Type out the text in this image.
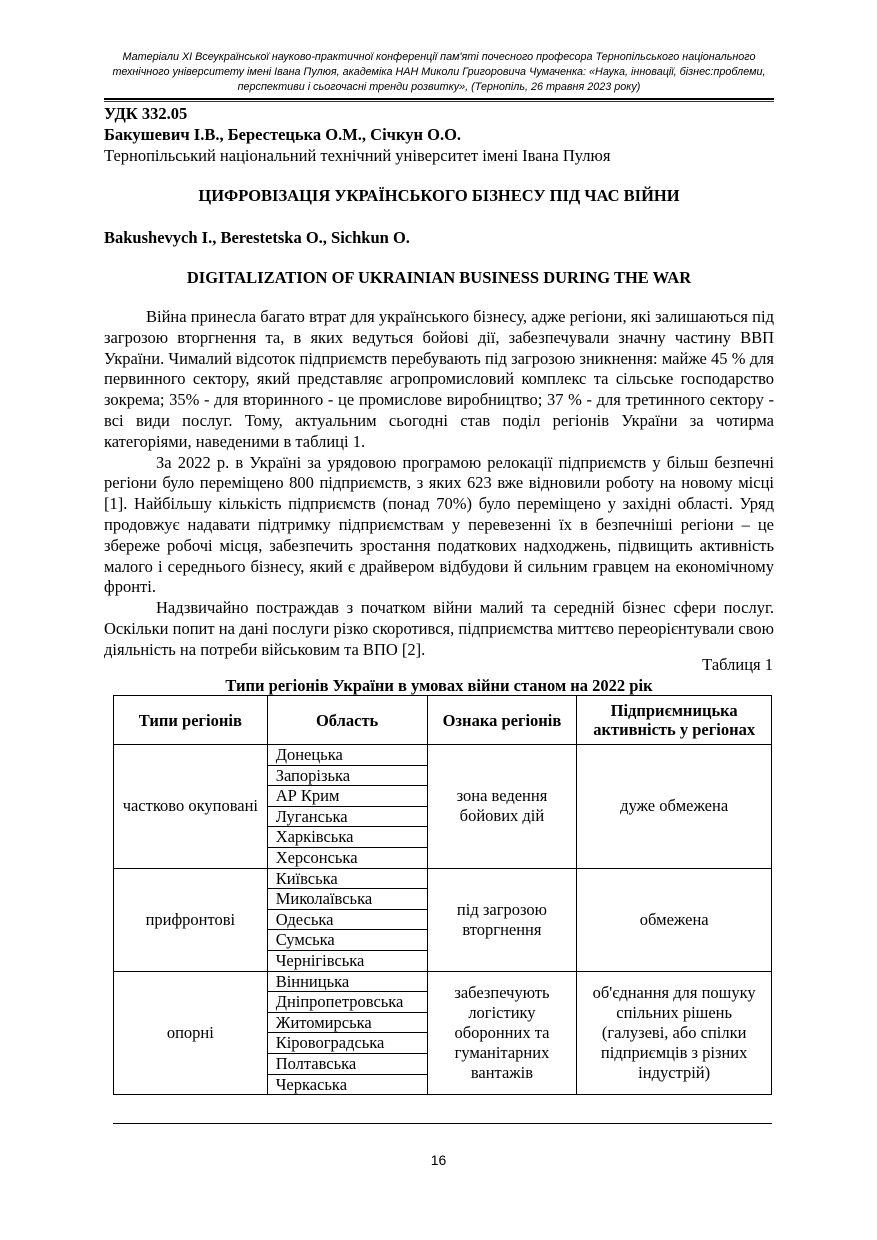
Матеріали ХІ Всеукраїнської науково-практичної конференції пам'яті почесного професора Тернопільського національного технічного університету імені Івана Пулюя, академіка НАН Миколи Григоровича Чумаченка: «Наука, інновації, бізнес:проблеми, перспективи і сьогочасні тренди розвитку», (Тернопіль, 26 травня 2023 року)
УДК 332.05
Бакушевич І.В., Берестецька О.М., Січкун О.О.
Тернопільський національний технічний університет імені Івана Пулюя
ЦИФРОВІЗАЦІЯ УКРАЇНСЬКОГО БІЗНЕСУ ПІД ЧАС ВІЙНИ
Bakushevych I., Berestetska O., Sichkun O.
DIGITALIZATION OF UKRAINIAN BUSINESS DURING THE WAR

Війна принесла багато втрат для українського бізнесу, адже регіони, які залишаються під загрозою вторгнення та, в яких ведуться бойові дії, забезпечували значну частину ВВП України. Чималий відсоток підприємств перебувають під загрозою зникнення: майже 45 % для первинного сектору, який представляє агропромисловий комплекс та сільське господарство зокрема; 35% - для вторинного - це промислове виробництво; 37 % - для третинного сектору - всі види послуг. Тому, актуальним сьогодні став поділ регіонів України за чотирма категоріями, наведеними в таблиці 1.

За 2022 р. в Україні за урядовою програмою релокації підприємств у більш безпечні регіони було переміщено 800 підприємств, з яких 623 вже відновили роботу на новому місці [1]. Найбільшу кількість підприємств (понад 70%) було переміщено у західні області. Уряд продовжує надавати підтримку підприємствам у перевезенні їх в безпечніші регіони – це збереже робочі місця, забезпечить зростання податкових надходжень, підвищить активність малого і середнього бізнесу, який є драйвером відбудови й сильним гравцем на економічному фронті.

Надзвичайно постраждав з початком війни малий та середній бізнес сфери послуг. Оскільки попит на дані послуги різко скоротився, підприємства миттєво переорієнтували свою діяльність на потреби військовим та ВПО [2].

Таблиця 1
Типи регіонів України в умовах війни станом на 2022 рік
Типи регіонів	Область	Ознака регіонів	Підприємницька активність у регіонах
частково окуповані	Донецька	зона ведення бойових дій	дуже обмежена
	Запорізька		
	АР Крим		
	Луганська		
	Харківська		
	Херсонська		
прифронтові	Київська	під загрозою вторгнення	обмежена
	Миколаївська		
	Одеська		
	Сумська		
	Чернігівська		
опорні	Вінницька	забезпечують логістику оборонних та гуманітарних вантажів	об'єднання для пошуку спільних рішень (галузеві, або спілки підприємців з різних індустрій)
	Дніпропетровська		
	Житомирська		
	Кіровоградська		
	Полтавська		
	Черкаська		
16
